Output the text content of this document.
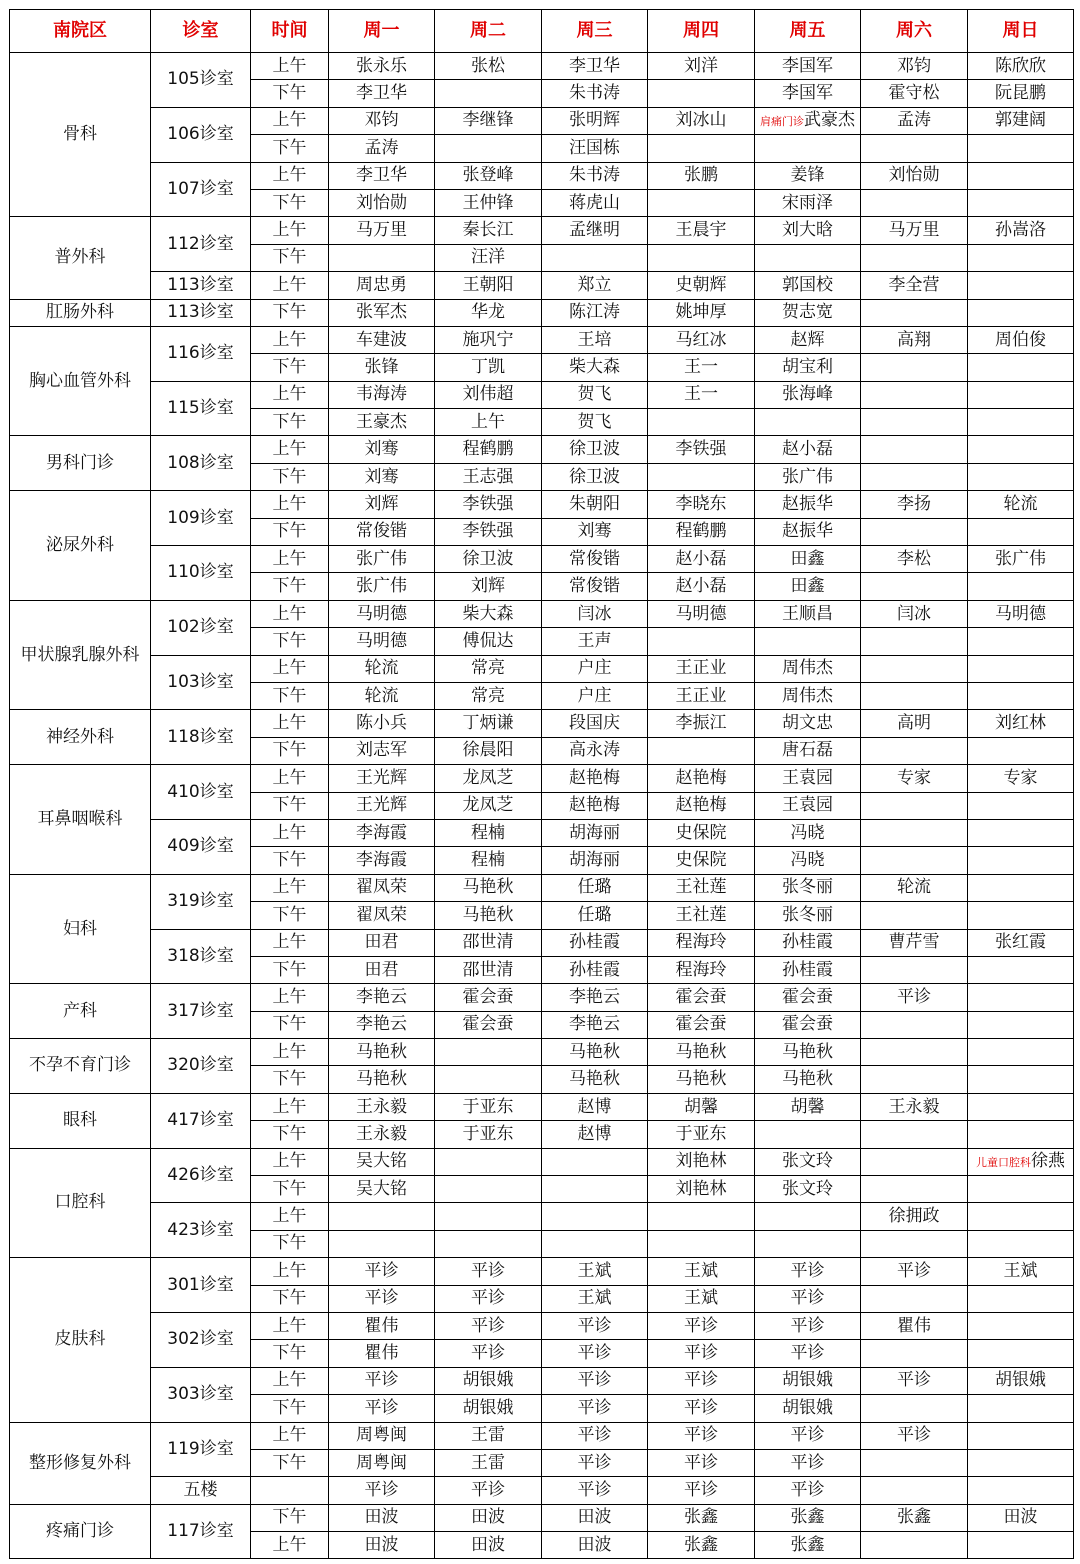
南院区	诊室	时间	周一	周二	周三	周四	周五	周六	周日
骨科	105诊室	上午	张永乐	张松	李卫华	刘洋	李国军	邓钧	陈欣欣
		下午	李卫华		朱书涛		李国军	霍守松	阮昆鹏
	106诊室	上午	邓钧	李继锋	张明辉	刘冰山	肩痛门诊武豪杰	孟涛	郭建阔
		下午	孟涛		汪国栋				
	107诊室	上午	李卫华	张登峰	朱书涛	张鹏	姜锋	刘怡勋	
		下午	刘怡勋	王仲锋	蒋虎山		宋雨泽		
普外科	112诊室	上午	马万里	秦长江	孟继明	王晨宇	刘大晗	马万里	孙嵩洛
		下午		汪洋					
	113诊室	上午	周忠勇	王朝阳	郑立	史朝辉	郭国校	李全营	
肛肠外科	113诊室	下午	张军杰	华龙	陈江涛	姚坤厚	贺志宽		
胸心血管外科	116诊室	上午	车建波	施巩宁	王培	马红冰	赵辉	高翔	周伯俊
		下午	张锋	丁凯	柴大森	王一	胡宝利		
	115诊室	上午	韦海涛	刘伟超	贺飞	王一	张海峰		
		下午	王豪杰	上午	贺飞				
男科门诊	108诊室	上午	刘骞	程鹤鹏	徐卫波	李铁强	赵小磊		
		下午	刘骞	王志强	徐卫波		张广伟		
泌尿外科	109诊室	上午	刘辉	李铁强	朱朝阳	李晓东	赵振华	李扬	轮流
		下午	常俊锴	李铁强	刘骞	程鹤鹏	赵振华		
	110诊室	上午	张广伟	徐卫波	常俊锴	赵小磊	田鑫	李松	张广伟
		下午	张广伟	刘辉	常俊锴	赵小磊	田鑫		
甲状腺乳腺外科	102诊室	上午	马明德	柴大森	闫冰	马明德	王顺昌	闫冰	马明德
		下午	马明德	傅侃达	王声				
	103诊室	上午	轮流	常亮	户庄	王正业	周伟杰		
		下午	轮流	常亮	户庄	王正业	周伟杰		
神经外科	118诊室	上午	陈小兵	丁炳谦	段国庆	李振江	胡文忠	高明	刘红林
		下午	刘志军	徐晨阳	高永涛		唐石磊		
耳鼻咽喉科	410诊室	上午	王光辉	龙凤芝	赵艳梅	赵艳梅	王袁园	专家	专家
		下午	王光辉	龙凤芝	赵艳梅	赵艳梅	王袁园		
	409诊室	上午	李海霞	程楠	胡海丽	史保院	冯晓		
		下午	李海霞	程楠	胡海丽	史保院	冯晓		
妇科	319诊室	上午	翟凤荣	马艳秋	任璐	王社莲	张冬丽	轮流	
		下午	翟凤荣	马艳秋	任璐	王社莲	张冬丽		
	318诊室	上午	田君	邵世清	孙桂霞	程海玲	孙桂霞	曹芹雪	张红霞
		下午	田君	邵世清	孙桂霞	程海玲	孙桂霞		
产科	317诊室	上午	李艳云	霍会蚕	李艳云	霍会蚕	霍会蚕	平诊	
		下午	李艳云	霍会蚕	李艳云	霍会蚕	霍会蚕		
不孕不育门诊	320诊室	上午	马艳秋		马艳秋	马艳秋	马艳秋		
		下午	马艳秋		马艳秋	马艳秋	马艳秋		
眼科	417诊室	上午	王永毅	于亚东	赵博	胡馨	胡馨	王永毅	
		下午	王永毅	于亚东	赵博	于亚东			
口腔科	426诊室	上午	吴大铭			刘艳林	张文玲		儿童口腔科徐燕
		下午	吴大铭			刘艳林	张文玲		
	423诊室	上午						徐拥政	
		下午							
皮肤科	301诊室	上午	平诊	平诊	王斌	王斌	平诊	平诊	王斌
		下午	平诊	平诊	王斌	王斌	平诊		
	302诊室	上午	瞿伟	平诊	平诊	平诊	平诊	瞿伟	
		下午	瞿伟	平诊	平诊	平诊	平诊		
	303诊室	上午	平诊	胡银娥	平诊	平诊	胡银娥	平诊	胡银娥
		下午	平诊	胡银娥	平诊	平诊	胡银娥		
整形修复外科	119诊室	上午	周粤闽	王雷	平诊	平诊	平诊	平诊	
		下午	周粤闽	王雷	平诊	平诊	平诊		
	五楼		平诊	平诊	平诊	平诊	平诊		
疼痛门诊	117诊室	下午	田波	田波	田波	张鑫	张鑫	张鑫	田波
		上午	田波	田波	田波	张鑫	张鑫		
